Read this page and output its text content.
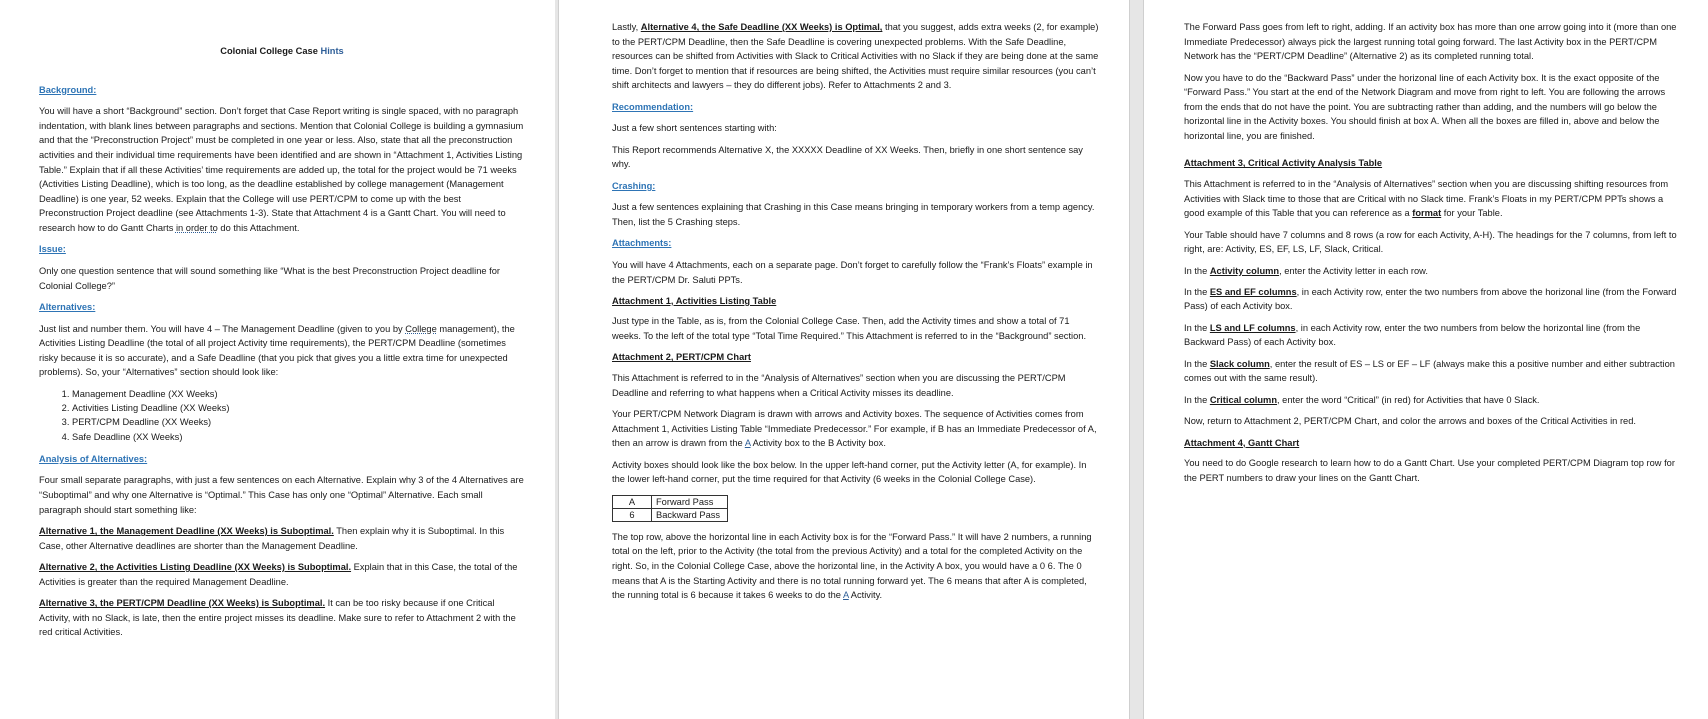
Colonial College Case Hints

Background:

You will have a short “Background” section. Don’t forget that Case Report writing is single spaced, with no paragraph indentation, with blank lines between paragraphs and sections. Mention that Colonial College is building a gymnasium and that the “Preconstruction Project” must be completed in one year or less. Also, state that all the preconstruction activities and their individual time requirements have been identified and are shown in “Attachment 1, Activities Listing Table.” Explain that if all these Activities’ time requirements are added up, the total for the project would be 71 weeks (Activities Listing Deadline), which is too long, as the deadline established by college management (Management Deadline) is one year, 52 weeks. Explain that the College will use PERT/CPM to come up with the best Preconstruction Project deadline (see Attachments 1-3). State that Attachment 4 is a Gantt Chart. You will need to research how to do Gantt Charts in order to do this Attachment.

Issue:

Only one question sentence that will sound something like “What is the best Preconstruction Project deadline for Colonial College?”

Alternatives:

Just list and number them. You will have 4 – The Management Deadline (given to you by College management), the Activities Listing Deadline (the total of all project Activity time requirements), the PERT/CPM Deadline (sometimes risky because it is so accurate), and a Safe Deadline (that you pick that gives you a little extra time for unexpected problems). So, your “Alternatives” section should look like:

1. Management Deadline (XX Weeks)
2. Activities Listing Deadline (XX Weeks)
3. PERT/CPM Deadline (XX Weeks)
4. Safe Deadline (XX Weeks)

Analysis of Alternatives:

Four small separate paragraphs, with just a few sentences on each Alternative. Explain why 3 of the 4 Alternatives are “Suboptimal” and why one Alternative is “Optimal.” This Case has only one “Optimal” Alternative. Each small paragraph should start something like:

Alternative 1, the Management Deadline (XX Weeks) is Suboptimal. Then explain why it is Suboptimal. In this Case, other Alternative deadlines are shorter than the Management Deadline.

Alternative 2, the Activities Listing Deadline (XX Weeks) is Suboptimal. Explain that in this Case, the total of the Activities is greater than the required Management Deadline.

Alternative 3, the PERT/CPM Deadline (XX Weeks) is Suboptimal. It can be too risky because if one Critical Activity, with no Slack, is late, then the entire project misses its deadline. Make sure to refer to Attachment 2 with the red critical Activities.

Lastly, Alternative 4, the Safe Deadline (XX Weeks) is Optimal, that you suggest, adds extra weeks (2, for example) to the PERT/CPM Deadline, then the Safe Deadline is covering unexpected problems. With the Safe Deadline, resources can be shifted from Activities with Slack to Critical Activities with no Slack if they are being done at the same time. Don’t forget to mention that if resources are being shifted, the Activities must require similar resources (you can’t shift architects and lawyers – they do different jobs). Refer to Attachments 2 and 3.

Recommendation:

Just a few short sentences starting with:

This Report recommends Alternative X, the XXXXX Deadline of XX Weeks. Then, briefly in one short sentence say why.

Crashing:

Just a few sentences explaining that Crashing in this Case means bringing in temporary workers from a temp agency. Then, list the 5 Crashing steps.

Attachments:

You will have 4 Attachments, each on a separate page. Don’t forget to carefully follow the “Frank’s Floats” example in the PERT/CPM Dr. Saluti PPTs.

Attachment 1, Activities Listing Table

Just type in the Table, as is, from the Colonial College Case. Then, add the Activity times and show a total of 71 weeks. To the left of the total type “Total Time Required.” This Attachment is referred to in the “Background” section.

Attachment 2, PERT/CPM Chart

This Attachment is referred to in the “Analysis of Alternatives” section when you are discussing the PERT/CPM Deadline and referring to what happens when a Critical Activity misses its deadline.

Your PERT/CPM Network Diagram is drawn with arrows and Activity boxes. The sequence of Activities comes from Attachment 1, Activities Listing Table “Immediate Predecessor.” For example, if B has an Immediate Predecessor of A, then an arrow is drawn from the A Activity box to the B Activity box.

Activity boxes should look like the box below. In the upper left-hand corner, put the Activity letter (A, for example). In the lower left-hand corner, put the time required for that Activity (6 weeks in the Colonial College Case).

A	Forward Pass
6	Backward Pass

The top row, above the horizontal line in each Activity box is for the “Forward Pass.” It will have 2 numbers, a running total on the left, prior to the Activity (the total from the previous Activity) and a total for the completed Activity on the right. So, in the Colonial College Case, above the horizontal line, in the Activity A box, you would have a 0 6. The 0 means that A is the Starting Activity and there is no total running forward yet. The 6 means that after A is completed, the running total is 6 because it takes 6 weeks to do the A Activity.

The Forward Pass goes from left to right, adding. If an activity box has more than one arrow going into it (more than one Immediate Predecessor) always pick the largest running total going forward. The last Activity box in the PERT/CPM Network has the “PERT/CPM Deadline” (Alternative 2) as its completed running total.

Now you have to do the “Backward Pass” under the horizonal line of each Activity box. It is the exact opposite of the “Forward Pass.” You start at the end of the Network Diagram and move from right to left. You are following the arrows from the ends that do not have the point. You are subtracting rather than adding, and the numbers will go below the horizontal line in the Activity boxes. You should finish at box A. When all the boxes are filled in, above and below the horizontal line, you are finished.

Attachment 3, Critical Activity Analysis Table

This Attachment is referred to in the “Analysis of Alternatives” section when you are discussing shifting resources from Activities with Slack time to those that are Critical with no Slack time. Frank’s Floats in my PERT/CPM PPTs shows a good example of this Table that you can reference as a format for your Table.

Your Table should have 7 columns and 8 rows (a row for each Activity, A-H). The headings for the 7 columns, from left to right, are: Activity, ES, EF, LS, LF, Slack, Critical.

In the Activity column, enter the Activity letter in each row.

In the ES and EF columns, in each Activity row, enter the two numbers from above the horizonal line (from the Forward Pass) of each Activity box.

In the LS and LF columns, in each Activity row, enter the two numbers from below the horizontal line (from the Backward Pass) of each Activity box.

In the Slack column, enter the result of ES – LS or EF – LF (always make this a positive number and either subtraction comes out with the same result).

In the Critical column, enter the word “Critical” (in red) for Activities that have 0 Slack.

Now, return to Attachment 2, PERT/CPM Chart, and color the arrows and boxes of the Critical Activities in red.

Attachment 4, Gantt Chart

You need to do Google research to learn how to do a Gantt Chart. Use your completed PERT/CPM Diagram top row for the PERT numbers to draw your lines on the Gantt Chart.
